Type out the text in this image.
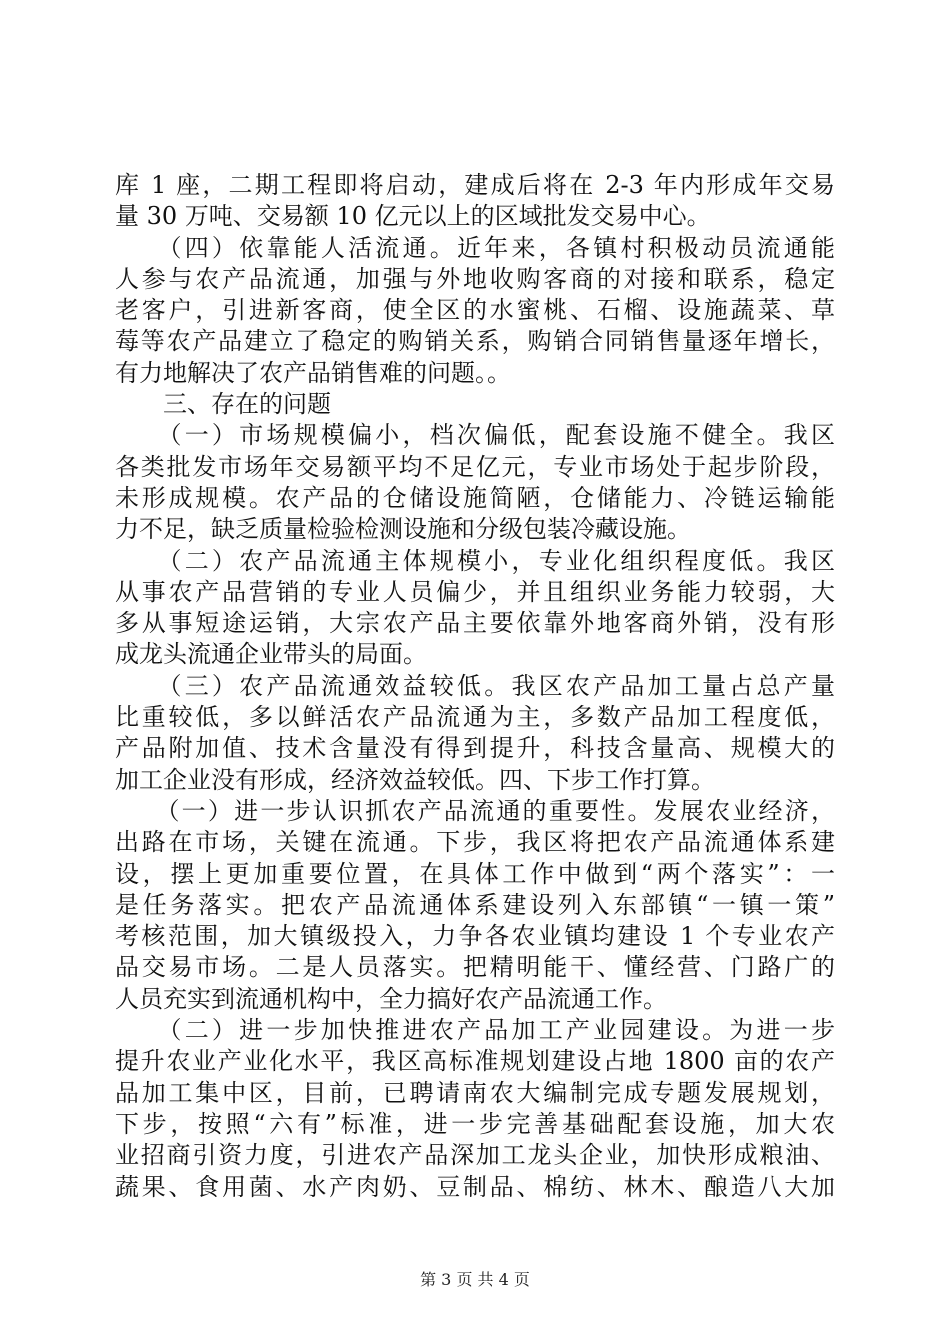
库 1 座，二期工程即将启动，建成后将在 2-3 年内形成年交易
量 30 万吨、交易额 10 亿元以上的区域批发交易中心。
　　（四）依靠能人活流通。近年来，各镇村积极动员流通能
人参与农产品流通，加强与外地收购客商的对接和联系，稳定
老客户，引进新客商，使全区的水蜜桃、石榴、设施蔬菜、草
莓等农产品建立了稳定的购销关系，购销合同销售量逐年增长，
有力地解决了农产品销售难的问题。。
　　三、存在的问题
　　（一）市场规模偏小，档次偏低，配套设施不健全。我区
各类批发市场年交易额平均不足亿元，专业市场处于起步阶段，
未形成规模。农产品的仓储设施简陋，仓储能力、冷链运输能
力不足，缺乏质量检验检测设施和分级包装冷藏设施。
　　（二）农产品流通主体规模小，专业化组织程度低。我区
从事农产品营销的专业人员偏少，并且组织业务能力较弱，大
多从事短途运销，大宗农产品主要依靠外地客商外销，没有形
成龙头流通企业带头的局面。
　　（三）农产品流通效益较低。我区农产品加工量占总产量
比重较低，多以鲜活农产品流通为主，多数产品加工程度低，
产品附加值、技术含量没有得到提升，科技含量高、规模大的
加工企业没有形成，经济效益较低。四、下步工作打算。
　　（一）进一步认识抓农产品流通的重要性。发展农业经济，
出路在市场，关键在流通。下步，我区将把农产品流通体系建
设，摆上更加重要位置，在具体工作中做到“两个落实”：一
是任务落实。把农产品流通体系建设列入东部镇“一镇一策”
考核范围，加大镇级投入，力争各农业镇均建设 1 个专业农产
品交易市场。二是人员落实。把精明能干、懂经营、门路广的
人员充实到流通机构中，全力搞好农产品流通工作。
　　（二）进一步加快推进农产品加工产业园建设。为进一步
提升农业产业化水平，我区高标准规划建设占地 1800 亩的农产
品加工集中区，目前，已聘请南农大编制完成专题发展规划，
下步，按照“六有”标准，进一步完善基础配套设施，加大农
业招商引资力度，引进农产品深加工龙头企业，加快形成粮油、
蔬果、食用菌、水产肉奶、豆制品、棉纺、林木、酿造八大加
第 3 页 共 4 页
